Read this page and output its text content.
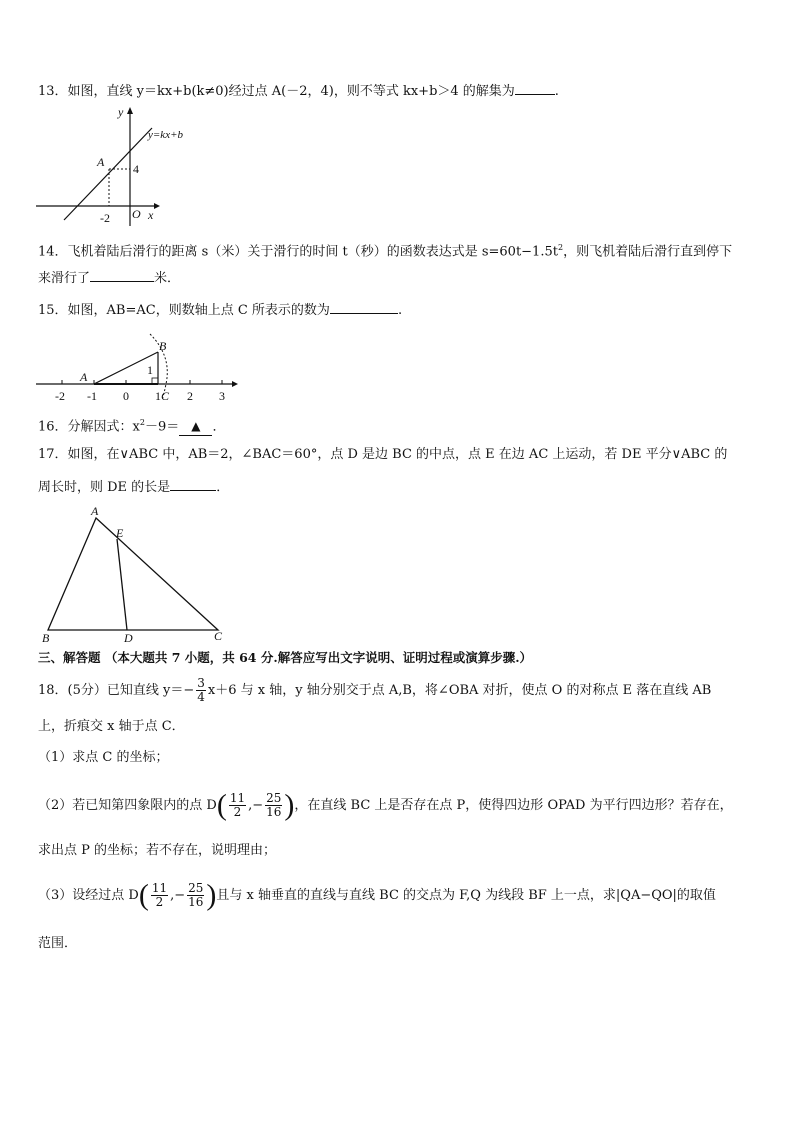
13．如图，直线 y＝kx+b(k≠0)经过点 A(－2，4)，则不等式 kx+b＞4 的解集为	.
y
y=kx+b
A 4
-2 O x
14．飞机着陆后滑行的距离 s（米）关于滑行的时间 t（秒）的函数表达式是 $s=60t-1.5t^2$，则飞机着陆后滑行直到停下
来滑行了	米．
15．如图，AB=AC，则数轴上点 C 所表示的数为	.
-2 -1 0 1 2 3
A
B
1
C
16．分解因式：$x^2-9=$ ▲ ．
17．如图，在∨ABC 中，AB＝2，∠BAC＝60°，点 D 是边 BC 的中点，点 E 在边 AC 上运动，若 DE 平分∨ABC 的
周长时，则 DE 的长是	．
A
E
B	D	C
三、解答题 （本大题共 7 小题，共 64 分.解答应写出文字说明、证明过程或演算步骤.）
18．(5分）已知直线 $y=- \frac{3}{4} x+6$ 与 x 轴，y 轴分别交于点 A,B，将∠OBA 对折，使点 O 的对称点 E 落在直线 AB
上，折痕交 x 轴于点 C．
（1）求点 C 的坐标；
（2）若已知第四象限内的点 $D( \frac{11}{2}$ ,− $\frac{25}{16}$ )，在直线 BC 上是否存在点 P，使得四边形 OPAD 为平行四边形？若存在，
求出点 P 的坐标；若不存在，说明理由；
（3）设经过点 $D( \frac{11}{2}$ ,− $\frac{25}{16}$ )且与 x 轴垂直的直线与直线 BC 的交点为 F,Q 为线段 BF 上一点，求|QA−QO|的取值
范围．
